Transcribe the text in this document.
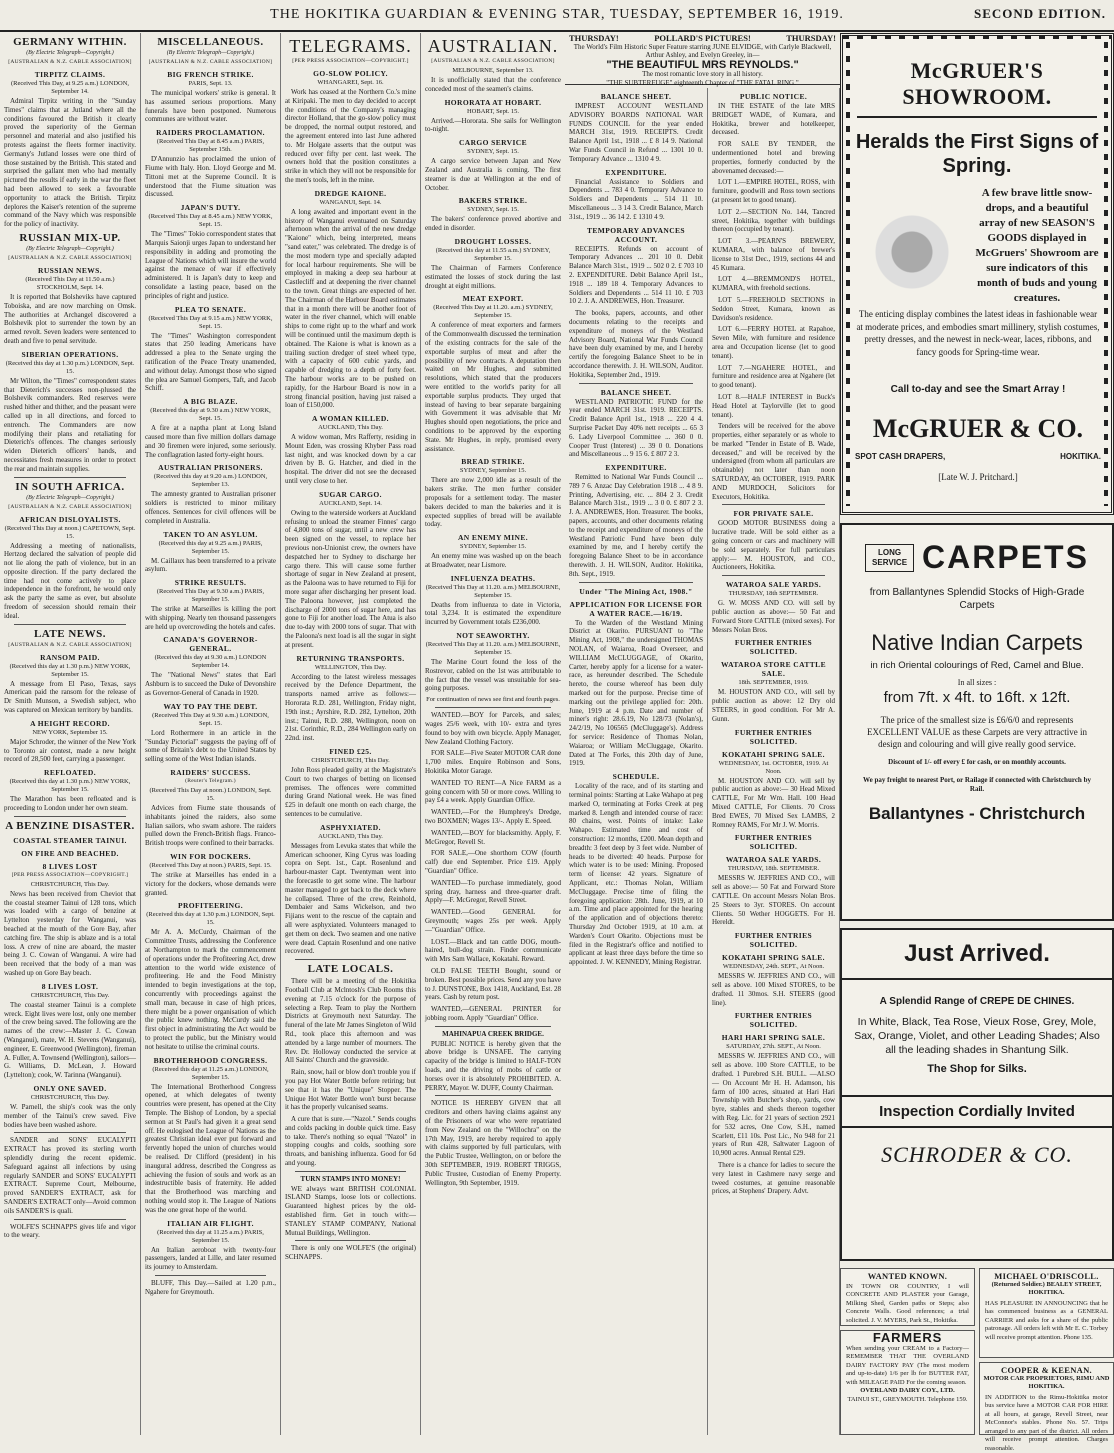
THE HOKITIKA GUARDIAN & EVENING STAR, TUESDAY, SEPTEMBER 16, 1919.	SECOND EDITION.
GERMANY WITHIN.
(By Electric Telegraph—Copyright.)
[AUSTRALIAN & N.Z. CABLE ASSOCIATION]
TIRPITZ CLAIMS.
(Received This Day, at 9.25 a.m.) LONDON, September 14.

Admiral Tirpitz writing in the "Sunday Times" claims that at Jutland where all the conditions favoured the British it clearly proved the superiority of the German personnel and material and also justified his protests against the fleets former inactivity. Germany's Jutland losses were one third of those sustained by the British. This stated and surprised the gallant men who had mentally pictured the results if early in the war the fleet had been allowed to seek a favourable opportunity to attack the British. Tirpitz deplores the Kaiser's retention of the supreme command of the Navy which was responsible for the policy of inactivity.

RUSSIAN MIX-UP.
(By Electric Telegraph—Copyright.)
[AUSTRALIAN & N.Z. CABLE ASSOCIATION]
RUSSIAN NEWS.
(Received This Day at 11.50 a.m.) STOCKHOLM, Sept. 14.

It is reported that Bolsheviks have captured Toboiska, and are now marching on Omsk. The authorities at Archangel discovered a Bolshevik plot to surrender the town by an armed revolt. Seven leaders were sentenced to death and five to penal servitude.

SIBERIAN OPERATIONS.
(Received this day at 1.30 p.m.) LONDON, Sept. 15.

Mr Wilton, the "Times" correspondent states that Dieterich's successes non-plussed the Bolshevik commanders. Red reserves were rushed hither and thither, and the peasant were called up in all directions, and forced to entrench. The Commanders are now modifying their plans and retaliating for Dieterich's offences. The changes seriously widen Dieterich officers' hands, and necessitates fresh measures in order to protect the rear and maintain supplies.

IN SOUTH AFRICA.
(By Electric Telegraph—Copyright.)
[AUSTRALIAN & N.Z. CABLE ASSOCIATION]
AFRICAN DISLOYALISTS.
(Received This Day at noon.) CAPETOWN, Sept. 15.

Addressing a meeting of nationalists, Hertzog declared the salvation of people did not lie along the path of violence, but in an opposite direction. If the party declared the time had not come actively to place independence in the forefront, he would only ask the party the same as ever, but absolute freedom of secession should remain their ideal.

LATE NEWS.
[AUSTRALIAN & N.Z. CABLE ASSOCIATION]
RANSOM PAID.
(Received this day at 1.30 p.m.) NEW YORK, September 15.

A message from El Paso, Texas, says American paid the ransom for the release of Dr Smith Munson, a Swedish subject, who was captured on Mexican territory by bandits.

A HEIGHT RECORD.
NEW YORK, September 15.

Major Schroder, the winner of the New York to Toronto air contest, made a new height record of 28,500 feet, carrying a passenger.

REFLOATED.
(Received this day at 1.30 p.m.) NEW YORK, September 15.

The Marathon has been refloated and is proceeding to London under her own steam.

A BENZINE DISASTER.
COASTAL STEAMER TAINUI.
ON FIRE AND BEACHED.
8 LIVES LOST
[PER PRESS ASSOCIATION—COPYRIGHT.]
CHRISTCHURCH, This Day.

News has been received from Cheviot that the coastal steamer Tainui of 128 tons, which was loaded with a cargo of benzine at Lyttelton yesterday for Wanganui, was beached at the mouth of the Gore Bay, after catching fire. The ship is ablaze and is a total loss. A crew of nine are aboard, the master being J. C. Cowan of Wanganui. A wire had been received that the body of a man was washed up on Gore Bay beach.

8 LIVES LOST.
CHRISTCHURCH, This Day.

The coastal steamer Tainui is a complete wreck. Eight lives were lost, only one member of the crew being saved. The following are the names of the crew:—Master J. C. Cowan (Wanganui), mate, W. H. Stevens (Wanganui), engineer, E. Greenwood (Wellington), fireman A. Fuller, A. Townsend (Wellington), sailors—G. Williams, D. McLean, J. Howard (Lyttelton); cook, W. Tarinna (Wanganui).

ONLY ONE SAVED.
CHRISTCHURCH, This Day.

W. Parnell, the ship's cook was the only member of the Tainui's crew saved. Five bodies have been washed ashore.

SANDER and SONS' EUCALYPTI EXTRACT has proved its sterling worth splendidly during the recent epidemic. Safeguard against all infections by using regularly SANDER and SONS' EUCALYPTI EXTRACT. Supreme Court, Melbourne, proved SANDER'S EXTRACT, ask for SANDER'S EXTRACT only—Avoid common oils SANDER'S is quali.

WOLFE'S SCHNAPPS gives life and vigor to the weary.

MISCELLANEOUS.
(By Electric Telegraph—Copyright.)
[AUSTRALIAN & N.Z. CABLE ASSOCIATION]
BIG FRENCH STRIKE.
PARIS, Sept. 13.

The municipal workers' strike is general. It has assumed serious proportions. Many funerals have been postponed. Numerous communes are without water.

RAIDERS PROCLAMATION.
(Received This Day at 8.45 a.m.) PARIS, September 15th.

D'Annunzio has proclaimed the union of Fiume with Italy. Hon. Lloyd George and M. Tittoni met at the Supreme Council. It is understood that the Fiume situation was discussed.

JAPAN'S DUTY.
(Received This Day at 8.45 a.m.) NEW YORK, Sept. 15.

The "Times" Tokio correspondent states that Marquis Saionji urges Japan to understand her responsibility in adding and promoting the League of Nations which will insure the world against the menace of war if effectively administered. It is Japan's duty to keep and consolidate a lasting peace, based on the principles of right and justice.

PLEA TO SENATE.
(Received This Day at 9.15 a.m.) NEW YORK, Sept. 15.

The "Times" Washington correspondent states that 250 leading Americans have addressed a plea to the Senate urging the ratification of the Peace Treaty unamended, and without delay. Amongst those who signed the plea are Samuel Gompers, Taft, and Jacob Schiff.

A BIG BLAZE.
(Received this day at 9.30 a.m.) NEW YORK, Sept. 15.

A fire at a naptha plant at Long Island caused more than five million dollars damage and 30 firemen were injured, some seriously. The conflagration lasted forty-eight hours.

AUSTRALIAN PRISONERS.
(Received this day at 9.20 a.m.) LONDON, September 13.

The amnesty granted to Australian prisoner soldiers is restricted to minor military offences. Sentences for civil offences will be completed in Australia.

TAKEN TO AN ASYLUM.
(Received this day at 9.25 a.m.) PARIS, September 15.

M. Caillaux has been transferred to a private asylum.

STRIKE RESULTS.
(Received This Day at 9.30 a.m.) PARIS, September 15.

The strike at Marseilles is killing the port with shipping. Nearly ten thousand passengers are held up overcrowding the hotels and cafes.

CANADA'S GOVERNOR-GENERAL.
(Received this day at 9.30 a.m.) LONDON September 14.

The "National News" states that Earl Ashburn is to succeed the Duke of Devonshire as Governor-General of Canada in 1920.

WAY TO PAY THE DEBT.
(Received This Day at 9.30 a.m.) LONDON, Sept. 15.

Lord Rothermere in an article in the "Sunday Pictorial" suggests the paying off of some of Britain's debt to the United States by selling some of the West Indian islands.

RAIDERS' SUCCESS.
(Reuter's Telegram.)
(Received This Day at noon.) LONDON, Sept. 15.

Advices from Fiume state thousands of inhabitants joined the raiders, also some Italian sailors, who swam ashore. The raiders pulled down the French-British flags. Franco-British troops were confined to their barracks.

WIN FOR DOCKERS.
(Received This Day at noon.) PARIS, Sept. 15.

The strike at Marseilles has ended in a victory for the dockers, whose demands were granted.

PROFITEERING.
(Received this day at 1.30 p.m.) LONDON, Sept. 15.

Mr A. A. McCurdy, Chairman of the Committee Trusts, addressing the Conference at Northampton to mark the commencement of operations under the Profiteering Act, drew attention to the world wide existence of profiteering. He and the Food Ministry intended to begin investigations at the top, concurrently with proceedings against the small man, because in case of high prices, there might be a power organisation of which the public knew nothing. McCurdy said the first object in administrating the Act would be to protect the public, but the Ministry would not hesitate to utilise the criminal courts.

BROTHERHOOD CONGRESS.
(Received this day at 11.25 a.m.) LONDON, September 15.

The International Brotherhood Congress opened, at which delegates of twenty countries were present, has opened at the City Temple. The Bishop of London, by a special sermon at St Paul's had given it a great send off. He eulogised the League of Nations as the greatest Christian ideal ever put forward and fervently hoped the union of churches would be realised. Dr Clifford (president) in his inaugural address, described the Congress as achieving the fusion of souls and work as an indestructible basis of fraternity. He added that the Brotherhood was marching and nothing would stop it. The League of Nations was the one great hope of the world.

ITALIAN AIR FLIGHT.
(Received this day at 11.25 a.m.) PARIS, September 15.

An Italian aeroboat with twenty-four passengers, landed at Lille, and later resumed its journey to Amsterdam.

BLUFF, This Day.—Sailed at 1.20 p.m., Ngahere for Greymouth.

TELEGRAMS.
[PER PRESS ASSOCIATION—COPYRIGHT.]
GO-SLOW POLICY.
WHANGAREI, Sept. 16.

Work has ceased at the Northern Co.'s mine at Kiripaki. The men to day decided to accept the conditions of the Company's managing director Holland, that the go-slow policy must be dropped, the normal output restored, and the agreement entered into last June adhered to. Mr Holgate asserts that the output was reduced over fifty per cent. last week. The owners hold that the position constitutes a strike in which they will not be responsible for the men's tools, left in the mine.

DREDGE KAIONE.
WANGANUI, Sept. 14.

A long awaited and important event in the history of Wanganui eventuated on Saturday afternoon when the arrival of the new dredge "Kaione" which, being interpreted, means "sand eater," was celebrated. The dredge is of the most modern type and specially adapted for local harbour requirements. She will be employed in making a deep sea harbour at Castlecliff and at deepening the river channel to the town. Great things are expected of her. The Chairman of the Harbour Board estimates that in a month there will be another foot of water in the river channel, which will enable ships to come right up to the wharf and work will be continued until the maximum depth is obtained. The Kaione is what is known as a trailing suction dredger of steel wheel type, with a capacity of 600 cubic yards, and capable of dredging to a depth of forty feet. The harbour works are to be pushed on rapidly, for the Harbour Board is now in a strong financial position, having just raised a loan of £150,000.

A WOMAN KILLED.
AUCKLAND, This Day.

A widow woman, Mrs Rafferty, residing in Mount Eden, was crossing Khyber Pass road last night, and was knocked down by a car driven by B. G. Hatcher, and died in the hospital. The driver did not see the deceased until very close to her.

SUGAR CARGO.
AUCKLAND, Sept. 14.

Owing to the waterside workers at Auckland refusing to unload the steamer Finnes' cargo of 4,800 tons of sugar, until a new crew has been signed on the vessel, to replace her previous non-Unionist crew, the owners have despatched her to Sydney to discharge her cargo there. This will cause some further shortage of sugar in New Zealand at present, as the Paloona was to have returned to Fiji for more sugar after discharging her present load. The Paloona however, just completed the discharge of 2000 tons of sugar here, and has gone to Fiji for another load. The Atua is also due to-day with 2000 tons of sugar. That with the Paloona's next load is all the sugar in sight at present.

RETURNING TRANSPORTS.
WELLINGTON, This Day.

According to the latest wireless messages received by the Defence Department, the transports named arrive as follows:— Hororata R.D. 281, Wellington, Friday night, 19th inst.; Ayrshire, R.D. 282, Lyttelton, 20th inst.; Tainui, R.D. 288, Wellington, noon on 21st. Corinthic, R.D., 284 Wellington early on 22nd. inst.

FINED £25.
CHRISTCHURCH, This Day.

John Ross pleaded guilty at the Magistrate's Court to two charges of betting on licensed premises. The offences were committed during Grand National week. He was fined £25 in default one month on each charge, the sentences to be cumulative.

ASPHYXIATED.
AUCKLAND, This Day.

Messages from Levuka states that while the American schooner, King Cyrus was loading copra on Sept. 1st., Capt. Rosenlund and harbour-master Capt. Twentyman went into the forecastle to get some wine. The harbour master managed to get back to the deck where he collapsed. Three of the crew, Reinhold, Dembaier and Sams Wickelson, and two Fijians went to the rescue of the captain and all were asphyxiated. Volunteers managed to get them on deck. Two seamen and one native were dead. Captain Rosenlund and one native recovered.

LATE LOCALS.

There will be a meeting of the Hokitika Football Club at Mclntosh's Club Rooms this evening at 7.15 o'clock for the purpose of selecting a Rep. Team to play the Northern Districts at Greymouth next Saturday. The funeral of the late Mr James Singleton of Wild Rd., took place this afternoon and was attended by a large number of mourners. The Rev. Dr. Holloway conducted the service at All Saints' Church and the graveside.

Rain, snow, hail or blow don't trouble you if you pay Hot Water Bottle before retiring; but see that it has the "Unique" Stopper. The Unique Hot Water Bottle won't burst because it has the properly vulcanised seams.

A cure that is sure.—"Nazol." Sends coughs and colds packing in double quick time. Easy to take. There's nothing so equal "Nazol" in stopping coughs and colds, soothing sore throats, and banishing influenza. Good for 6d and young.

TURN STAMPS INTO MONEY!

WE always want BRITISH COLONIAL ISLAND Stamps, loose lots or collections. Guaranteed highest prices by the old-established firm. Get in touch with:— STANLEY STAMP COMPANY, National Mutual Buildings, Wellington.

There is only one WOLFE'S (the original) SCHNAPPS.

AUSTRALIAN.
[AUSTRALIAN & N.Z. CABLE ASSOCIATION]
MELBOURNE, September 13.

It is unofficially stated that the conference conceded most of the seamen's claims.

HORORATA AT HOBART.
HOBART, Sept. 15.

Arrived.—Hororata. She sails for Wellington to-night.

CARGO SERVICE
SYDNEY, Sept. 15.

A cargo service between Japan and New Zealand and Australia is coming. The first steamer is due at Wellington at the end of October.

BAKERS STRIKE.
SYDNEY, Sept. 15.

The bakers' conference proved abortive and ended in disorder.

DROUGHT LOSSES.
(Received this day at 11.55 a.m.) SYDNEY, September 15.

The Chairman of Farmers Conference estimated the losses of stock during the last drought at eight millions.

MEAT EXPORT.
(Received This Day at 11.20. a.m.) SYDNEY, September 15.

A conference of meat exporters and farmers of the Commonwealth discussed the termination of the existing contracts for the sale of the exportable surplus of meat and after the possibility of new contracts. A deputation then waited on Mr Hughes, and submitted resolutions, which stated that the producers were entitled to the world's parity for all exportable surplus products. They urged that instead of having to bear separate bargaining with Government it was advisable that Mr Hughes should open negotiations, the price and conditions to be approved by the exporting State. Mr Hughes, in reply, promised every assistance.

BREAD STRIKE.
SYDNEY, September 15.

There are now 2,000 idle as a result of the bakers strike. The men further consider proposals for a settlement today. The master bakers decided to man the bakeries and it is expected supplies of bread will be available today.

AN ENEMY MINE.
SYDNEY, September 15.

An enemy mine was washed up on the beach at Broadwater, near Lismore.

INFLUENZA DEATHS.
(Received This Day at 11.20. a.m.) MELBOURNE, September 15.

Deaths from influenza to date in Victoria, total 3,234. It is estimated the expenditure incurred by Government totals £236,000.

NOT SEAWORTHY.
(Received This Day at 11.20. a.m.) MELBOURNE, September 15.

The Marine Court found the loss of the Rostrevor, cabled on the 1st was attributable to the fact that the vessel was unsuitable for sea-going purposes.

For continuation of news see first and fourth pages.

WANTED.—BOY for Parcels, and sales; wages 25/6 week, with 10/- extra and tyres found to boy with own bicycle. Apply Manager, New Zealand Clothing Factory.

FOR SALE—Five Seater MOTOR CAR done 1,700 miles. Enquire Robinson and Sons, Hokitika Motor Garage.

WANTED TO RENT—A Nice FARM as a going concern with 50 or more cows. Willing to pay £4 a week. Apply Guardian Office.

WANTED,—For the Humphrey's Dredge, two BOXMEN; Wages 13/-. Apply E. Speed.

WANTED,—BOY for blacksmithy. Apply, F. McGregor, Revell St.

FOR SALE,—One shorthorn COW (fourth calf) due end September. Price £19. Apply "Guardian" Office.

WANTED—To purchase immediately, good spring dray, harness and three-quarter draft. Apply—F. McGregor, Revell Street.

WANTED.—Good GENERAL for Greymouth; wages 25s per week. Apply—"Guardian" Office.

LOST.—Black and tan cattle DOG, mouth-haired, bull-dog strain. Finder communicate with Mrs Sam Wallace, Kokatahi. Reward.

OLD FALSE TEETH Bought, sound or broken. Best possible prices. Send any you have to J. DUNSTONE, Box 1418, Auckland, Est. 28 years. Cash by return post.

WANTED,—GENERAL PRINTER for jobbing room. Apply "Guardian" Office.

MAHINAPUA CREEK BRIDGE.

PUBLIC NOTICE is hereby given that the above bridge is UNSAFE. The carrying capacity of the bridge is limited to HALF-TON loads, and the driving of mobs of cattle or horses over it is absolutely PROHIBITED. A. PERRY, Mayor. W. DUFF, County Chairman.

NOTICE IS HEREBY GIVEN that all creditors and others having claims against any of the Prisoners of war who were repatriated from New Zealand on the "Willochra" on the 17th May, 1919, are hereby required to apply with claims supported by full particulars, with the Public Trustee, Wellington, on or before the 30th SEPTEMBER, 1919. ROBERT TRIGGS, Public Trustee, Custodian of Enemy Property. Wellington, 9th September, 1919.

THURSDAY!	POLLARD'S PICTURES!	THURSDAY!
The World's Film Historic Super Feature starring JUNE ELVIDGE, with Carlyle Blackwell, Arthur Ashley, and Evelyn Greeley, in—
"THE BEAUTIFUL MRS REYNOLDS."
The most romantic love story in all history.
"THE SUBTERFUGE" eighteenth Chapter of "THE FATAL RING."
BALANCE SHEET.

IMPREST ACCOUNT WESTLAND ADVISORY BOARDS NATIONAL WAR FUNDS COUNCIL for the year ended MARCH 31st, 1919. RECEIPTS. Credit Balance April 1st., 1918 ... £ 8 14 9. National War Funds Council in Refund ... 1301 10 0. Temporary Advance ... 1310 4 9.

EXPENDITURE.

Financial Assistance to Soldiers and Dependents ... 783 4 0. Temporary Advance to Soldiers and Dependents ... 514 11 10. Miscellaneous ... 3 14 3. Credit Balance, March 31st., 1919 ... 36 14 2. £ 1310 4 9.

TEMPORARY ADVANCES ACCOUNT.

RECEIPTS. Refunds on account of Temporary Advances ... 201 10 0. Debit Balance March 31st., 1919 ... 502 0 2. £ 703 10 2. EXPENDITURE. Debit Balance April 1st., 1918 ... 189 18 4. Temporary Advances to Soldiers and Dependents ... 514 11 10. £ 703 10 2. J. A. ANDREWES, Hon. Treasurer.

The books, papers, accounts, and other documents relating to the receipts and expenditure of moneys of the Westland Advisory Board, National War Funds Council have been duly examined by me, and I hereby certify the foregoing Balance Sheet to be in accordance therewith. J. H. WILSON, Auditor. Hokitika, September 2nd., 1919.

BALANCE SHEET.

WESTLAND PATRIOTIC FUND for the year ended MARCH 31st. 1919. RECEIPTS. Credit Balance April 1st., 1918 ... 220 4 4. Surprise Packet Day 40% nett receipts ... 65 3 6. Lady Liverpool Committee ... 360 0 0. Cooper Trust (Interest) ... 39 0 0. Donations and Miscellaneous ... 9 15 6. £ 807 2 3.

EXPENDITURE.

Remitted to National War Funds Council ... 789 7 6. Anzac Day Celebration 1918 ... 4 8 9. Printing, Advertising, etc. ... 804 2 3. Credit Balance March 31st., 1919 ... 3 0 0. £ 807 2 3. J. A. ANDREWES, Hon. Treasurer. The books, papers, accounts, and other documents relating to the receipt and expenditure of moneys of the Westland Patriotic Fund have been duly examined by me, and I hereby certify the foregoing Balance Sheet to be in accordance therewith. J. H. WILSON, Auditor. Hokitika, 8th. Sept., 1919.

Under "The Mining Act, 1908."
APPLICATION FOR LICENSE FOR A WATER RACE.—16/19.

To the Warden of the Westland Mining District at Okarito. PURSUANT to "The Mining Act, 1908," the undersigned THOMAS NOLAN, of Waiaroa, Road Overseer, and WILLIAM McCLUGGAGE, of Okarito, Carter, hereby apply for a license for a water-race, as hereunder described. The Schedule hereto, the course whereof has been duly marked out for the purpose. Precise time of marking out the privilege applied for: 20th. June, 1919 at 4 p.m. Date and number of miner's right: 28.6.19, No 128/73 (Nolan's), 24/2/19, No 106565 (McCluggage's). Address for service: Residence of Thomas Nolan, Waiaroa; or William McCluggage, Okarito. Dated at The Forks, this 20th day of June, 1919.

SCHEDULE.

Locality of the race, and of its starting and terminal points: Starting at Lake Wahapo at peg marked O, terminating at Forks Creek at peg marked 8. Length and intended course of race: 80 chains, west. Points of intake: Lake Wahapo. Estimated time and cost of construction: 12 months, £200. Mean depth and breadth: 3 feet deep by 3 feet wide. Number of heads to be diverted: 40 heads. Purpose for which water is to be used: Mining. Proposed term of license: 42 years. Signature of Applicant, etc.: Thomas Nolan, William McCluggage. Precise time of filing the foregoing application: 28th. June, 1919, at 10 a.m. Time and place appointed for the hearing of the application and of objections thereto: Thursday 2nd October 1919, at 10 a.m. at Warden's Court Okarito. Objections must be filed in the Registrar's office and notified to applicant at least three days before the time so appointed. J. W. KENNEDY, Mining Registrar.

PUBLIC NOTICE.

IN THE ESTATE of the late MRS BRIDGET WADE, of Kumara, and Hokitika, brewer and hotelkeeper, deceased.

FOR SALE BY TENDER, the undermentioned hotel and brewing properties, formerly conducted by the abovenamed deceased:—

LOT 1.—EMPIRE HOTEL, ROSS, with furniture, goodwill and Ross town sections (at present let to good tenant).

LOT 2.—SECTION No. 144, Tancred street, Hokitika, together with buildings thereon (occupied by tenant).

LOT 3.—PEARN'S BREWERY, KUMARA, with balance of brewer's license to 31st Dec., 1919, sections 44 and 45 Kumara.

LOT 4.—BREMMOND'S HOTEL, KUMARA, with freehold sections.

LOT 5.—FREEHOLD SECTIONS in Seddon Street, Kumara, known as Davidson's residence.

LOT 6.—FERRY HOTEL at Rapahoe, Seven Mile, with furniture and residence area and Occupation license (let to good tenant).

LOT 7.—NGAHERE HOTEL, and furniture and residence area at Ngahere (let to good tenant).

LOT 8.—HALF INTEREST in Buck's Head Hotel at Taylorville (let to good tenant).

Tenders will be received for the above properties, either separately or as whole to be marked "Tender in Estate of B. Wade, deceased," and will be received by the undersigned (from whom all particulars are obtainable) not later than noon SATURDAY, 4th OCTOBER, 1919. PARK AND MURDOCH, Solicitors for Executors, Hokitika.

FOR PRIVATE SALE.

GOOD MOTOR BUSINESS doing a lucrative trade. Will be sold either as a going concern or cars and machinery will be sold separately. For full particulars apply:— M. HOUSTON, and CO., Auctioneers, Hokitika.

WATAROA SALE YARDS.
THURSDAY, 18th SEPTEMBER.

G. W. MOSS AND CO. will sell by public auction as above:— 50 Fat and Forward Store CATTLE (mixed sexes). For Messrs Nolan Bros.

FURTHER ENTRIES SOLICITED.
WATAROA STORE CATTLE SALE.
18th. SEPTEMBER, 1919.

M. HOUSTON AND CO., will sell by public auction as above: 12 Dry old STEERS, in good condition. For Mr A. Gunn.

FURTHER ENTRIES SOLICITED.
KOKATAHI SPRING SALE.
WEDNESDAY, 1st. OCTOBER, 1919. At Noon.

M. HOUSTON AND CO. will sell by public auction as above:— 30 Head Mixed CATTLE, For Mr Wm. Hall. 100 Head Mixed CATTLE, For Clients. 70 Cross Bred EWES, 70 Mixed Sex LAMBS, 2 Romney RAMS, For Mr J. W. Morris.

FURTHER ENTRIES SOLICITED.
WATAROA SALE YARDS.
THURSDAY, 18th. SEPTEMBER.

MESSRS W. JEFFRIES AND CO., will sell as above:— 50 Fat and Forward Store CATTLE. On account Messrs Nolan Bros. 25 Steers to 3yr. STORES. On account Clients. 50 Wether HOGGETS. For H. Hereldt.

FURTHER ENTRIES SOLICITED.
KOKATAHI SPRING SALE.
WEDNESDAY, 24th. SEPT., At Noon.

MESSRS W. JEFFRIES AND CO., will sell as above. 100 Mixed STORES, to be drafted. 11 30mos. S.H. STEERS (good line).

FURTHER ENTRIES SOLICITED.
HARI HARI SPRING SALE.
SATURDAY, 27th. SEPT., At Noon.

MESSRS W. JEFFRIES AND CO., will sell as above. 100 Store CATTLE, to be drafted. 1 Purebred S.H. BULL. —ALSO— On Account Mr H. H. Adamson, his farm of 100 acres, situated at Hari Hari Township with Butcher's shop, yards, cow byre, stables and sheds thereon together with Reg. Lic. for 21 years of section 2921 for 532 acres, One Cow, S.H., named Scarlett, £11 10s. Post Lic., No 948 for 21 years of Run 428, Saltwater Lagoon of 10,900 acres. Annual Rental £29.

There is a chance for ladies to secure the very latest in Cashmere navy serge and tweed costumes, at genuine reasonable prices, at Stephens' Drapery. Advt.

McGRUER'S SHOWROOM.
Heralds the First Signs of Spring.
A few brave little snow-drops, and a beautiful array of new SEASON'S GOODS displayed in McGruers' Showroom are sure indicators of this month of buds and young creatures.
The enticing display combines the latest ideas in fashionable wear at moderate prices, and embodies smart millinery, stylish costumes, pretty dresses, and the newest in neck-wear, laces, ribbons, and fancy goods for Spring-time wear.
Call to-day and see the Smart Array !
McGRUER & CO.
SPOT CASH DRAPERS,	HOKITIKA.
[Late W. J. Pritchard.]
LONG
SERVICE CARPETS
from Ballantynes Splendid Stocks of High-Grade Carpets
Native Indian Carpets
in rich Oriental colourings of Red, Camel and Blue.
In all sizes :
from 7ft. x 4ft. to 16ft. x 12ft.
The price of the smallest size is £6/6/0 and represents EXCELLENT VALUE as these Carpets are very attractive in design and colouring and will give really good service.
Discount of 1/- off every £ for cash, or on monthly accounts.
We pay freight to nearest Port, or Railage if connected with Christchurch by Rail.
Ballantynes - Christchurch
Just Arrived.
A Splendid Range of CREPE DE CHINES.
In White, Black, Tea Rose, Vieux Rose, Grey, Mole, Sax, Orange, Violet, and other Leading Shades; Also all the leading shades in Shantung Silk.
The Shop for Silks.
Inspection Cordially Invited
SCHRODER & CO.
WANTED KNOWN.
IN TOWN OR COUNTRY, I will CONCRETE AND PLASTER your Garage, Milking Shed, Garden paths or Steps; also Concrete Walls. Good references; a trial solicited. J. V. MYERS, Park St., Hokitika.
FARMERS
When sending your CREAM to a Factory— REMEMBER THAT THE OVERLAND DAIRY FACTORY PAY (The most modern and up-to-date) 1/6 per lb for BUTTER FAT, with MILEAGE PAID For the coming season.
OVERLAND DAIRY COY., LTD.
TAINUI ST., GREYMOUTH. Telephone 159.
MICHAEL O'DRISCOLL.
(Returned Soldier.) BEALEY STREET, HOKITIKA.
HAS PLEASURE IN ANNOUNCING that he has commenced business as a GENERAL CARRIER and asks for a share of the public patronage. All orders left with Mr E. C. Torbey will receive prompt attention. Phone 135.
COOPER & KEENAN.
MOTOR CAR PROPRIETORS, RIMU AND HOKITIKA.
IN ADDITION to the Rimu-Hokitika motor bus service have a MOTOR CAR FOR HIRE at all hours, at garage, Revell Street, near McConnor's stables. Phone No. 57. Trips arranged to any part of the district. All orders will receive prompt attention. Charges reasonable.
